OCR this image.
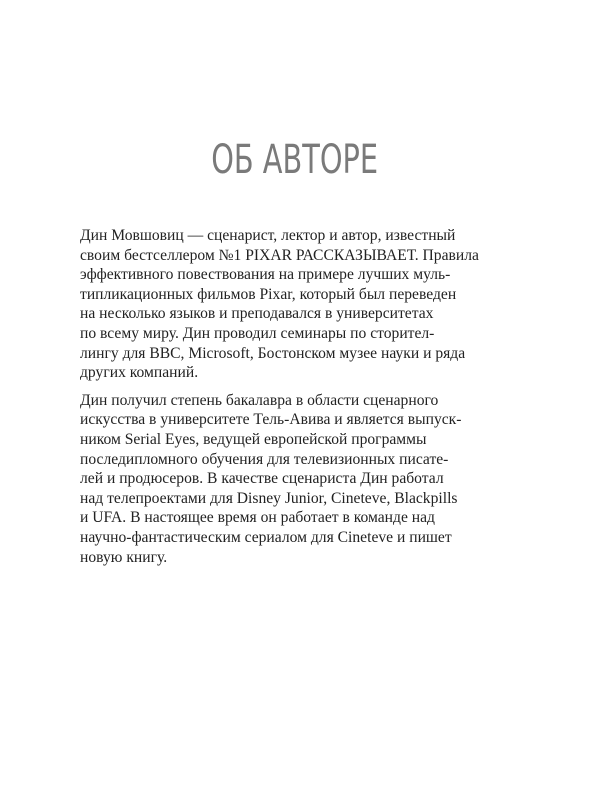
ОБ АВТОРЕ

Дин Мовшовиц — сценарист, лектор и автор, известный
своим бестселлером №1 PIXAR РАССКАЗЫВАЕТ. Правила
эффективного повествования на примере лучших муль-
типликационных фильмов Pixar, который был переведен
на несколько языков и преподавался в университетах
по всему миру. Дин проводил семинары по сторител-
лингу для BBC, Microsoft, Бостонском музее науки и ряда
других компаний.

Дин получил степень бакалавра в области сценарного
искусства в университете Тель-Авива и является выпуск-
ником Serial Eyes, ведущей европейской программы
последипломного обучения для телевизионных писате-
лей и продюсеров. В качестве сценариста Дин работал
над телепроектами для Disney Junior, Cineteve, Blackpills
и UFA. В настоящее время он работает в команде над
научно-фантастическим сериалом для Cineteve и пишет
новую книгу.
